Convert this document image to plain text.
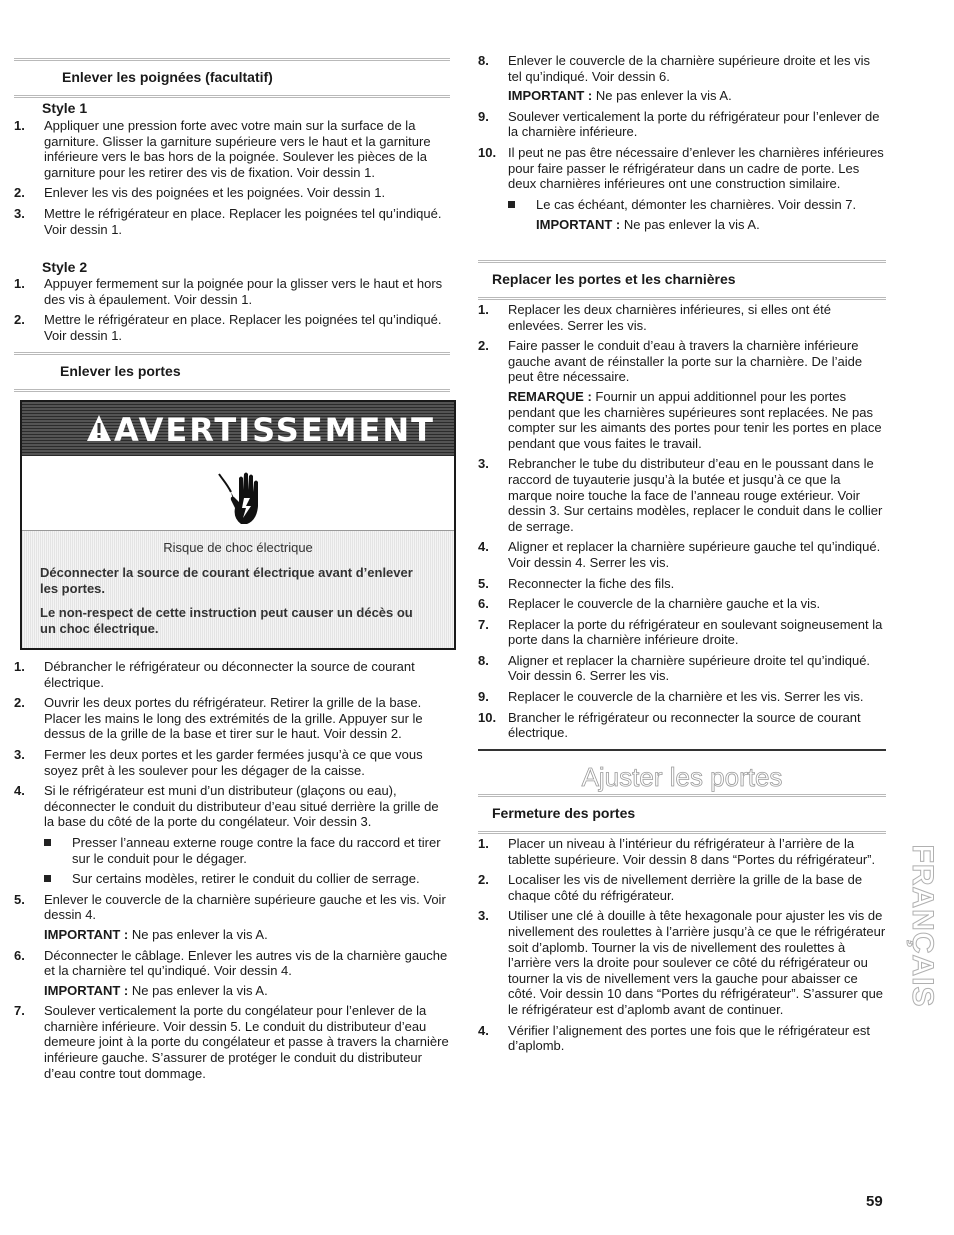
Enlever les poignées (facultatif)
Style 1
1. Appliquer une pression forte avec votre main sur la surface de la garniture. Glisser la garniture supérieure vers le haut et la garniture inférieure vers le bas hors de la poignée. Soulever les pièces de la garniture pour les retirer des vis de fixation. Voir dessin 1.
2. Enlever les vis des poignées et les poignées. Voir dessin 1.
3. Mettre le réfrigérateur en place. Replacer les poignées tel qu’indiqué. Voir dessin 1.
Style 2
1. Appuyer fermement sur la poignée pour la glisser vers le haut et hors des vis à épaulement. Voir dessin 1.
2. Mettre le réfrigérateur en place. Replacer les poignées tel qu’indiqué. Voir dessin 1.
Enlever les portes
AVERTISSEMENT
Risque de choc électrique
Déconnecter la source de courant électrique avant d’enlever les portes.
Le non-respect de cette instruction peut causer un décès ou un choc électrique.
1. Débrancher le réfrigérateur ou déconnecter la source de courant électrique.
2. Ouvrir les deux portes du réfrigérateur. Retirer la grille de la base. Placer les mains le long des extrémités de la grille. Appuyer sur le dessus de la grille de la base et tirer sur le haut. Voir dessin 2.
3. Fermer les deux portes et les garder fermées jusqu’à ce que vous soyez prêt à les soulever pour les dégager de la caisse.
4. Si le réfrigérateur est muni d’un distributeur (glaçons ou eau), déconnecter le conduit du distributeur d’eau situé derrière la grille de la base du côté de la porte du congélateur. Voir dessin 3.
Presser l’anneau externe rouge contre la face du raccord et tirer sur le conduit pour le dégager.
Sur certains modèles, retirer le conduit du collier de serrage.
5. Enlever le couvercle de la charnière supérieure gauche et les vis. Voir dessin 4.
IMPORTANT : Ne pas enlever la vis A.
6. Déconnecter le câblage. Enlever les autres vis de la charnière gauche et la charnière tel qu’indiqué. Voir dessin 4.
IMPORTANT : Ne pas enlever la vis A.
7. Soulever verticalement la porte du congélateur pour l’enlever de la charnière inférieure. Voir dessin 5. Le conduit du distributeur d’eau demeure joint à la porte du congélateur et passe à travers la charnière inférieure gauche. S’assurer de protéger le conduit du distributeur d’eau contre tout dommage.
8. Enlever le couvercle de la charnière supérieure droite et les vis tel qu’indiqué. Voir dessin 6.
IMPORTANT : Ne pas enlever la vis A.
9. Soulever verticalement la porte du réfrigérateur pour l’enlever de la charnière inférieure.
10. Il peut ne pas être nécessaire d’enlever les charnières inférieures pour faire passer le réfrigérateur dans un cadre de porte. Les deux charnières inférieures ont une construction similaire.
Le cas échéant, démonter les charnières. Voir dessin 7.
IMPORTANT : Ne pas enlever la vis A.
Replacer les portes et les charnières
1. Replacer les deux charnières inférieures, si elles ont été enlevées. Serrer les vis.
2. Faire passer le conduit d’eau à travers la charnière inférieure gauche avant de réinstaller la porte sur la charnière. De l’aide peut être nécessaire.
REMARQUE : Fournir un appui additionnel pour les portes pendant que les charnières supérieures sont replacées. Ne pas compter sur les aimants des portes pour tenir les portes en place pendant que vous faites le travail.
3. Rebrancher le tube du distributeur d’eau en le poussant dans le raccord de tuyauterie jusqu’à la butée et jusqu’à ce que la marque noire touche la face de l’anneau rouge extérieur. Voir dessin 3. Sur certains modèles, replacer le conduit dans le collier de serrage.
4. Aligner et replacer la charnière supérieure gauche tel qu’indiqué. Voir dessin 4. Serrer les vis.
5. Reconnecter la fiche des fils.
6. Replacer le couvercle de la charnière gauche et la vis.
7. Replacer la porte du réfrigérateur en soulevant soigneusement la porte dans la charnière inférieure droite.
8. Aligner et replacer la charnière supérieure droite tel qu’indiqué. Voir dessin 6. Serrer les vis.
9. Replacer le couvercle de la charnière et les vis. Serrer les vis.
10. Brancher le réfrigérateur ou reconnecter la source de courant électrique.
Ajuster les portes
Fermeture des portes
1. Placer un niveau à l’intérieur du réfrigérateur à l’arrière de la tablette supérieure. Voir dessin 8 dans “Portes du réfrigérateur”.
2. Localiser les vis de nivellement derrière la grille de la base de chaque côté du réfrigérateur.
3. Utiliser une clé à douille à tête hexagonale pour ajuster les vis de nivellement des roulettes à l’arrière jusqu’à ce que le réfrigérateur soit d’aplomb. Tourner la vis de nivellement des roulettes à l’arrière vers la droite pour soulever ce côté du réfrigérateur ou tourner la vis de nivellement vers la gauche pour abaisser ce côté. Voir dessin 10 dans “Portes du réfrigérateur”. S’assurer que le réfrigérateur est d’aplomb avant de continuer.
4. Vérifier l’alignement des portes une fois que le réfrigérateur est d’aplomb.
FRANÇAIS
59
